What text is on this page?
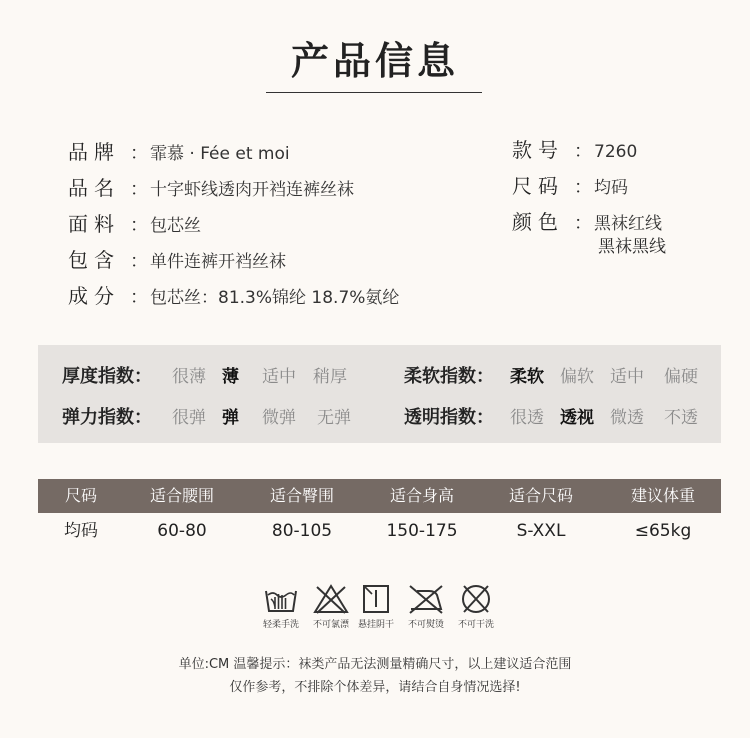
产品信息
品牌 ： 霏慕 · Fée et moi
品名 ： 十字虾线透肉开裆连裤丝袜
面料 ： 包芯丝
包含 ： 单件连裤开裆丝袜
成分 ： 包芯丝：81.3%锦纶 18.7%氨纶
款号 ： 7260
尺码 ： 均码
颜色 ： 黑袜红线
黑袜黑线
厚度指数： 很薄 薄 适中 稍厚	柔软指数： 柔软 偏软 适中 偏硬
弹力指数： 很弹 弹 微弹 无弹	透明指数： 很透 透视 微透 不透
尺码	适合腰围	适合臀围	适合身高	适合尺码	建议体重
均码	60-80	80-105	150-175	S-XXL	≤65kg
轻柔手洗	不可氯漂 悬挂阴干	不可熨烫	不可干洗
单位:CM 温馨提示：袜类产品无法测量精确尺寸，以上建议适合范围
仅作参考，不排除个体差异，请结合自身情况选择!
